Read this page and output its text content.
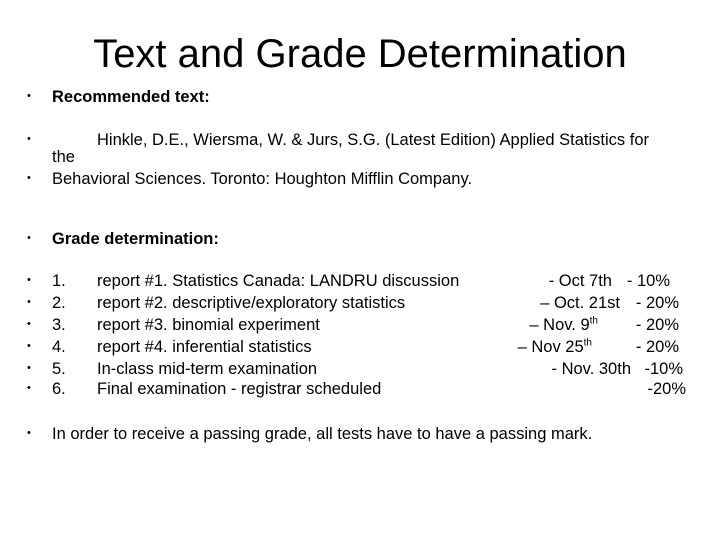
Text and Grade Determination
• Recommended text:
•	Hinkle, D.E., Wiersma, W. & Jurs, S.G. (Latest Edition) Applied Statistics for
the
• Behavioral Sciences. Toronto: Houghton Mifflin Company.
• Grade determination:
• 1. report #1. Statistics Canada: LANDRU discussion	- Oct 7th - 10%
• 2. report #2. descriptive/exploratory statistics	– Oct. 21st - 20%
• 3. report #3. binomial experiment	– Nov. 9th - 20%
• 4. report #4. inferential statistics	– Nov 25th	- 20%
• 5. In-class mid‑term examination	- Nov. 30th -10%
• 6. Final examination ‑ registrar scheduled	-20%
• In order to receive a passing grade, all tests have to have a passing mark.
